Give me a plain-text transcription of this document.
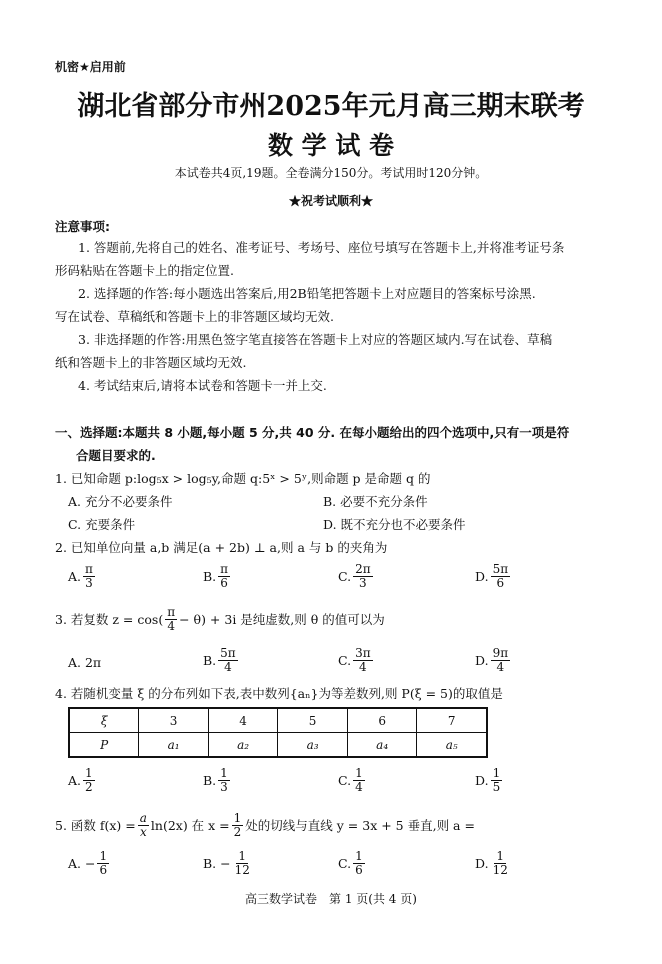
机密★启用前
湖北省部分市州2025年元月高三期末联考
数 学 试 卷
本试卷共4页,19题。全卷满分150分。考试用时120分钟。
★祝考试顺利★
注意事项:
1. 答题前,先将自己的姓名、准考证号、考场号、座位号填写在答题卡上,并将准考证号条
形码粘贴在答题卡上的指定位置.
2. 选择题的作答:每小题选出答案后,用2B铅笔把答题卡上对应题目的答案标号涂黑.
写在试卷、草稿纸和答题卡上的非答题区域均无效.
3. 非选择题的作答:用黑色签字笔直接答在答题卡上对应的答题区域内.写在试卷、草稿
纸和答题卡上的非答题区域均无效.
4. 考试结束后,请将本试卷和答题卡一并上交.
一、选择题:本题共 8 小题,每小题 5 分,共 40 分. 在每小题给出的四个选项中,只有一项是符
合题目要求的.
1. 已知命题 p:log₅x > log₅y,命题 q:5ˣ > 5ʸ,则命题 p 是命题 q 的
A. 充分不必要条件	B. 必要不充分条件
C. 充要条件	D. 既不充分也不必要条件
2. 已知单位向量 a,b 满足(a + 2b) ⊥ a,则 a 与 b 的夹角为
A. $\frac{\pi}{3}$	B. $\frac{\pi}{6}$	C. $\frac{2\pi}{3}$	D. $\frac{5\pi}{6}$
3. 若复数 $z = \cos( \frac{\pi}{4} - \theta) + 3i$ 是纯虚数,则 θ 的值可以为
A. 2π	B. $\frac{5\pi}{4}$	C. $\frac{3\pi}{4}$	D. $\frac{9\pi}{4}$
4. 若随机变量 ξ 的分布列如下表,表中数列{aₙ}为等差数列,则 P(ξ = 5)的取值是
ξ	3	4	5	6	7
P	a₁	a₂	a₃	a₄	a₅
A. $\frac{1}{2}$	B. $\frac{1}{3}$	C. $\frac{1}{4}$	D. $\frac{1}{5}$
5. 函数 $f(x) = \frac{a}{x} \ln(2x)$ 在 $x = \frac{1}{2}$ 处的切线与直线 y = 3x + 5 垂直,则 a =
A. − $\frac{1}{6}$	B. − $\frac{1}{12}$	C. $\frac{1}{6}$	D. $\frac{1}{12}$
高三数学试卷　第 1 页(共 4 页)
